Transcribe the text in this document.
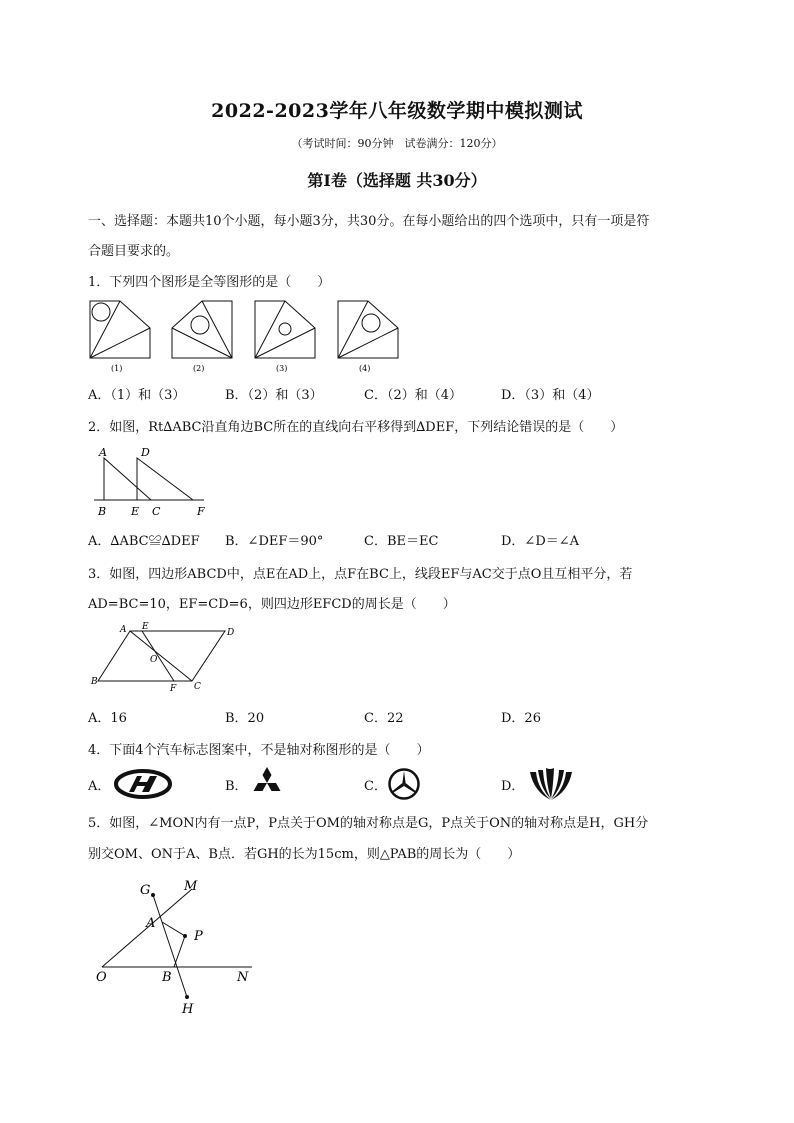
2022-2023学年八年级数学期中模拟测试
（考试时间：90分钟　试卷满分：120分）
第Ⅰ卷（选择题 共30分）
一、选择题：本题共10个小题，每小题3分，共30分。在每小题给出的四个选项中，只有一项是符
合题目要求的。
1．下列四个图形是全等图形的是（　　）
(1)	(2)	(3)	(4)
A．（1）和（3）	B．（2）和（3）	C．（2）和（4）	D．（3）和（4）
2．如图，Rt∆ABC沿直角边BC所在的直线向右平移得到∆DEF，下列结论错误的是（　　）
A	D
B E C	F
A．∆ABC≌∆DEF B．∠DEF＝90°	C．BE＝EC	D．∠D＝∠A
3．如图，四边形ABCD中，点E在AD上，点F在BC上，线段EF与AC交于点O且互相平分，若
AD=BC=10，EF=CD=6，则四边形EFCD的周长是（　　）
A E
D
O
B
F C
A．16	B．20	C．22	D．26
4．下面4个汽车标志图案中，不是轴对称图形的是（　　）
A．	B．	C．	D．
5．如图，∠MON内有一点P，P点关于OM的轴对称点是G，P点关于ON的轴对称点是H，GH分
别交OM、ON于A、B点．若GH的长为15cm，则△PAB的周长为（　　）
G	M
A
P
O	B	N
H
